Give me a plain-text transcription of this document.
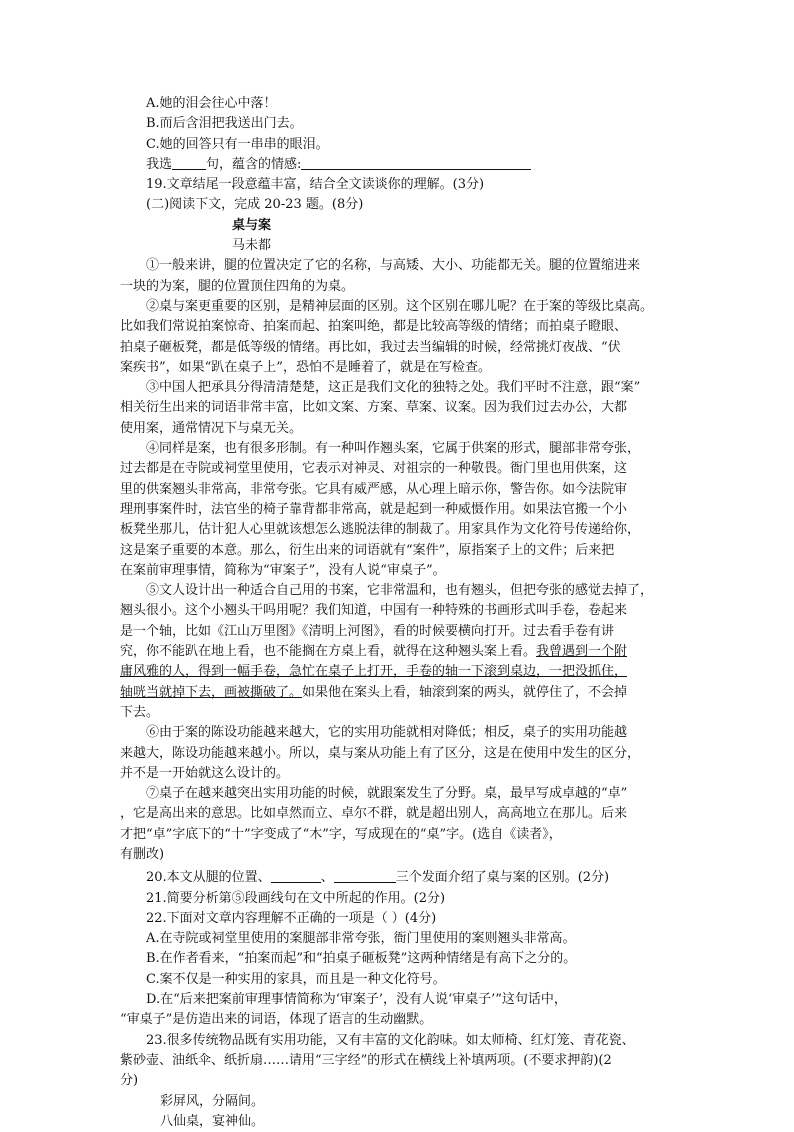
A.她的泪会往心中落！
B.而后含泪把我送出门去。
C.她的回答只有一串串的眼泪。
我选	句，蕴含的情感:
19.文章结尾一段意蕴丰富，结合全文读谈你的理解。(3分)
(二)阅读下文，完成 20-23 题。(8分)
桌与案
马未都
①一般来讲，腿的位置决定了它的名称，与高矮、大小、功能都无关。腿的位置缩进来
一块的为案，腿的位置顶住四角的为桌。
②桌与案更重要的区别，是精神层面的区别。这个区别在哪儿呢？在于案的等级比桌高。
比如我们常说拍案惊奇、拍案而起、拍案叫绝，都是比较高等级的情绪；而拍桌子瞪眼、
拍桌子砸板凳，都是低等级的情绪。再比如，我过去当编辑的时候，经常挑灯夜战、“伏
案疾书”，如果“趴在桌子上”，恐怕不是睡着了，就是在写检查。
③中国人把承具分得清清楚楚，这正是我们文化的独特之处。我们平时不注意，跟“案”
相关衍生出来的词语非常丰富，比如文案、方案、草案、议案。因为我们过去办公，大都
使用案，通常情况下与桌无关。
④同样是案，也有很多形制。有一种叫作翘头案，它属于供案的形式，腿部非常夸张，
过去都是在寺院或祠堂里使用，它表示对神灵、对祖宗的一种敬畏。衙门里也用供案，这
里的供案翘头非常高，非常夸张。它具有威严感，从心理上暗示你，警告你。如今法院审
理刑事案件时，法官坐的椅子靠背都非常高，就是起到一种威慑作用。如果法官搬一个小
板凳坐那儿，估计犯人心里就该想怎么逃脱法律的制裁了。用家具作为文化符号传递给你，
这是案子重要的本意。那么，衍生出来的词语就有“案件”，原指案子上的文件；后来把
在案前审理事情，简称为“审案子”，没有人说“审桌子”。
⑤文人设计出一种适合自己用的书案，它非常温和，也有翘头，但把夸张的感觉去掉了，
翘头很小。这个小翘头干吗用呢？我们知道，中国有一种特殊的书画形式叫手卷，卷起来
是一个轴，比如《江山万里图》《清明上河图》，看的时候要横向打开。过去看手卷有讲
究，你不能趴在地上看，也不能搁在方桌上看，就得在这种翘头案上看。我曾遇到一个附
庸风雅的人，得到一幅手卷，急忙在桌子上打开，手卷的轴一下滚到桌边，一把没抓住，
轴咣当就掉下去，画被撕破了。如果他在案头上看，轴滚到案的两头，就停住了，不会掉
下去。
⑥由于案的陈设功能越来越大，它的实用功能就相对降低；相反，桌子的实用功能越
来越大，陈设功能越来越小。所以，桌与案从功能上有了区分，这是在使用中发生的区分，
并不是一开始就这么设计的。
⑦桌子在越来越突出实用功能的时候，就跟案发生了分野。桌，最早写成卓越的“卓”
，它是高出来的意思。比如卓然而立、卓尔不群，就是超出别人，高高地立在那儿。后来
才把“卓”字底下的“十”字变成了“木”字，写成现在的“桌”字。(选自《读者》，
有删改)
20.本文从腿的位置、	、	三个发面介绍了桌与案的区别。(2分)
21.简要分析第⑤段画线句在文中所起的作用。(2分)
22.下面对文章内容理解不正确的一项是（ ）(4分)
A.在寺院或祠堂里使用的案腿部非常夸张，衙门里使用的案则翘头非常高。
B.在作者看来，“拍案而起”和“拍桌子砸板凳”这两种情绪是有高下之分的。
C.案不仅是一种实用的家具，而且是一种文化符号。
D.在“后来把案前审理事情简称为‘审案子’，没有人说‘审桌子’”这句话中，
“审桌子”是仿造出来的词语，体现了语言的生动幽默。
23.很多传统物品既有实用功能，又有丰富的文化韵味。如太师椅、红灯笼、青花瓷、
紫砂壶、油纸伞、纸折扇……请用“三字经”的形式在横线上补填两项。(不要求押韵)(2
分)
彩屏风，分隔间。
八仙桌，宴神仙。
